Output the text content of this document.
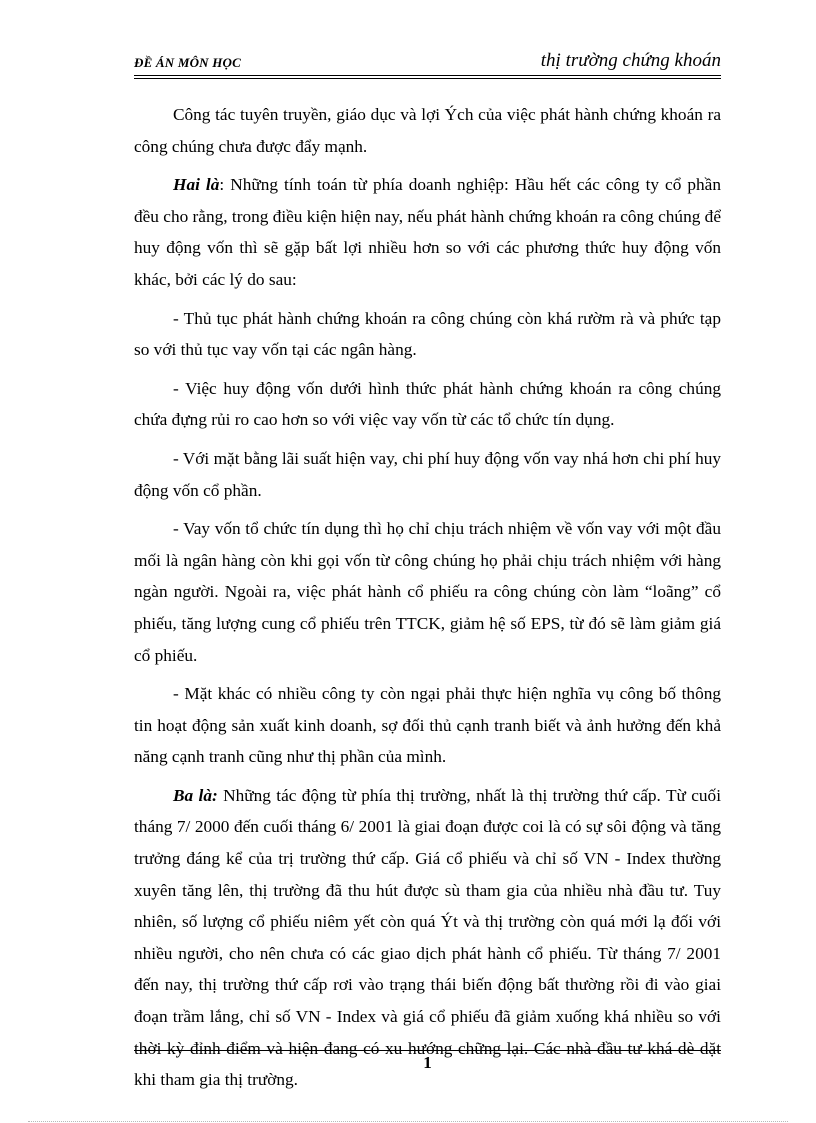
ĐỀ ÁN MÔN HỌC	thị trường chứng khoán

Công tác tuyên truyền, giáo dục và lợi Ých của việc phát hành chứng khoán ra công chúng chưa được đẩy mạnh.

Hai là: Những tính toán từ phía doanh nghiệp: Hầu hết các công ty cổ phần đều cho rằng, trong điều kiện hiện nay, nếu phát hành chứng khoán ra công chúng để huy động vốn thì sẽ gặp bất lợi nhiều hơn so với các phương thức huy động vốn khác, bởi các lý do sau:

- Thủ tục phát hành chứng khoán ra công chúng còn khá rườm rà và phức tạp so với thủ tục vay vốn tại các ngân hàng.

- Việc huy động vốn dưới hình thức phát hành chứng khoán ra công chúng chứa đựng rủi ro cao hơn so với việc vay vốn từ các tổ chức tín dụng.

- Với mặt bằng lãi suất hiện vay, chi phí huy động vốn vay nhá hơn chi phí huy động vốn cổ phần.

- Vay vốn tổ chức tín dụng thì họ chỉ chịu trách nhiệm về vốn vay với một đầu mối là ngân hàng còn khi gọi vốn từ công chúng họ phải chịu trách nhiệm với hàng ngàn người. Ngoài ra, việc phát hành cổ phiếu ra công chúng còn làm “loãng” cổ phiếu, tăng lượng cung cổ phiếu trên TTCK, giảm hệ số EPS, từ đó sẽ làm giảm giá cổ phiếu.

- Mặt khác có nhiều công ty còn ngại phải thực hiện nghĩa vụ công bố thông tin hoạt động sản xuất kinh doanh, sợ đối thủ cạnh tranh biết và ảnh hưởng đến khả năng cạnh tranh cũng như thị phần của mình.

Ba là: Những tác động từ phía thị trường, nhất là thị trường thứ cấp. Từ cuối tháng 7/ 2000 đến cuối tháng 6/ 2001 là giai đoạn được coi là có sự sôi động và tăng trưởng đáng kể của trị trường thứ cấp. Giá cổ phiếu và chỉ số VN - Index thường xuyên tăng lên, thị trường đã thu hút được sù tham gia của nhiều nhà đầu tư. Tuy nhiên, số lượng cổ phiếu niêm yết còn quá Ýt và thị trường còn quá mới lạ đối với nhiều người, cho nên chưa có các giao dịch phát hành cổ phiếu. Từ tháng 7/ 2001 đến nay, thị trường thứ cấp rơi vào trạng thái biến động bất thường rồi đi vào giai đoạn trầm lắng, chỉ số VN - Index và giá cổ phiếu đã giảm xuống khá nhiều so với thời kỳ đỉnh điểm và hiện đang có xu hướng chững lại. Các nhà đầu tư khá dè dặt khi tham gia thị trường.

1
